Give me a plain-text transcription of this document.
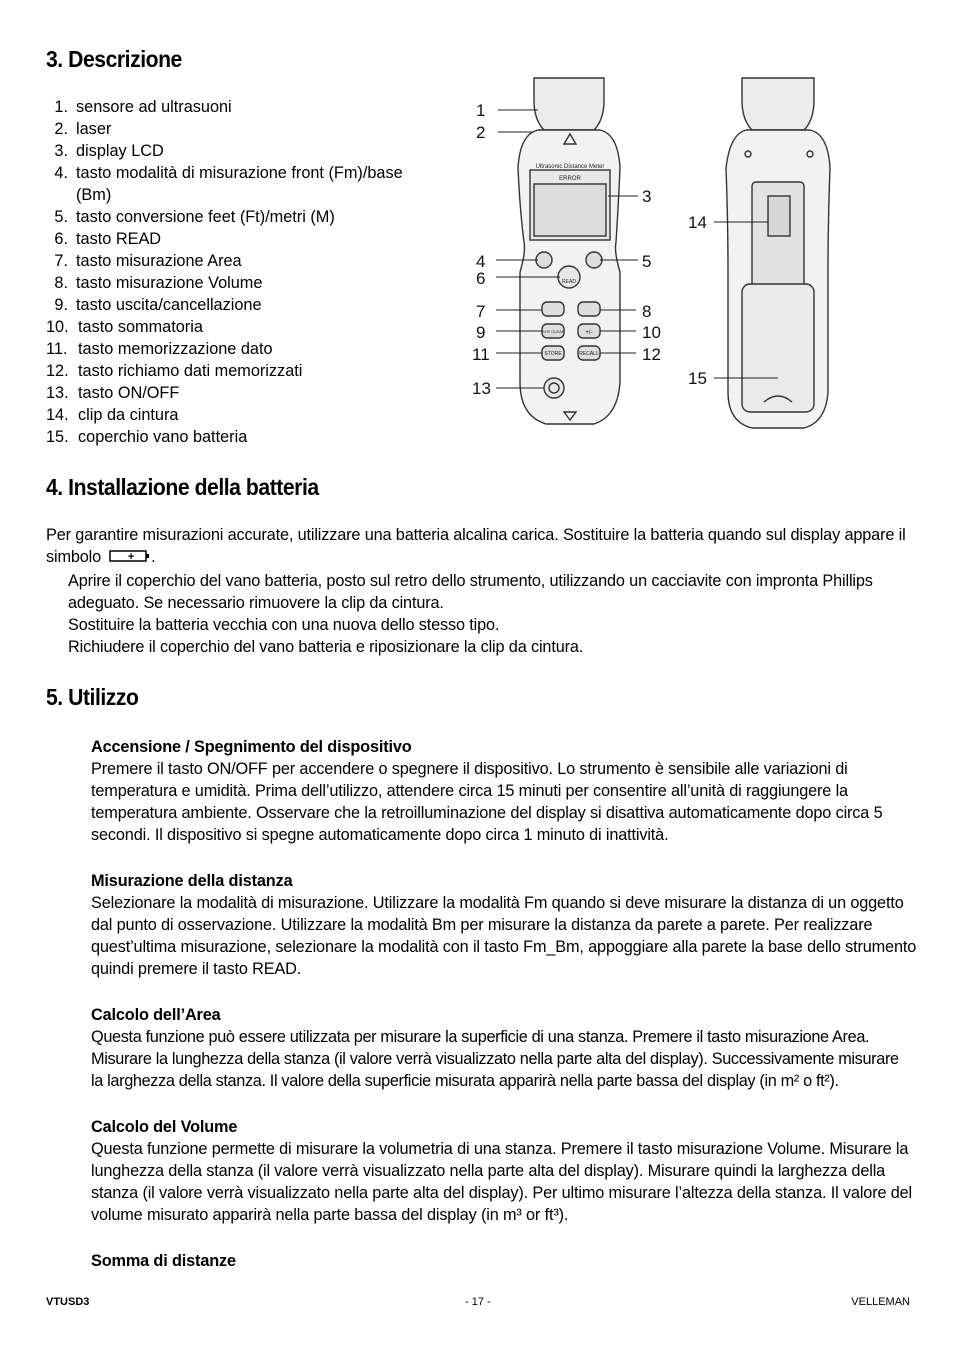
3. Descrizione
1. sensore ad ultrasuoni
2. laser
3. display LCD
4. tasto modalità di misurazione front (Fm)/base
(Bm)
5. tasto conversione feet (Ft)/metri (M)
6. tasto READ
7. tasto misurazione Area
8. tasto misurazione Volume
9. tasto uscita/cancellazione
10. tasto sommatoria
11. tasto memorizzazione dato
12. tasto richiamo dati memorizzati
13. tasto ON/OFF
14. clip da cintura
15. coperchio vano batteria
1
2
3
4	5
6
7	8
9	10
11	12
13
14
15
Ultrasonic Distance Meter
ERROR
READ
EXIT CLEAR	+/-
STORE	RECALL
4. Installazione della batteria
Per garantire misurazioni accurate, utilizzare una batteria alcalina carica. Sostituire la batteria quando sul display appare il
simbolo + .
Aprire il coperchio del vano batteria, posto sul retro dello strumento, utilizzando un cacciavite con impronta Phillips
adeguato. Se necessario rimuovere la clip da cintura.
Sostituire la batteria vecchia con una nuova dello stesso tipo.
Richiudere il coperchio del vano batteria e riposizionare la clip da cintura.
5. Utilizzo
Accensione / Spegnimento del dispositivo
Premere il tasto ON/OFF per accendere o spegnere il dispositivo. Lo strumento è sensibile alle variazioni di
temperatura e umidità. Prima dell’utilizzo, attendere circa 15 minuti per consentire all’unità di raggiungere la
temperatura ambiente. Osservare che la retroilluminazione del display si disattiva automaticamente dopo circa 5
secondi. Il dispositivo si spegne automaticamente dopo circa 1 minuto di inattività.
Misurazione della distanza
Selezionare la modalità di misurazione. Utilizzare la modalità Fm quando si deve misurare la distanza di un oggetto
dal punto di osservazione. Utilizzare la modalità Bm per misurare la distanza da parete a parete. Per realizzare
quest’ultima misurazione, selezionare la modalità con il tasto Fm_Bm, appoggiare alla parete la base dello strumento
quindi premere il tasto READ.
Calcolo dell’Area
Questa funzione può essere utilizzata per misurare la superficie di una stanza. Premere il tasto misurazione Area.
Misurare la lunghezza della stanza (il valore verrà visualizzato nella parte alta del display). Successivamente misurare
la larghezza della stanza. Il valore della superficie misurata apparirà nella parte bassa del display (in m² o ft²).
Calcolo del Volume
Questa funzione permette di misurare la volumetria di una stanza. Premere il tasto misurazione Volume. Misurare la
lunghezza della stanza (il valore verrà visualizzato nella parte alta del display). Misurare quindi la larghezza della
stanza (il valore verrà visualizzato nella parte alta del display). Per ultimo misurare l’altezza della stanza. Il valore del
volume misurato apparirà nella parte bassa del display (in m³ or ft³).
Somma di distanze
VTUSD3	- 17 -	VELLEMAN
